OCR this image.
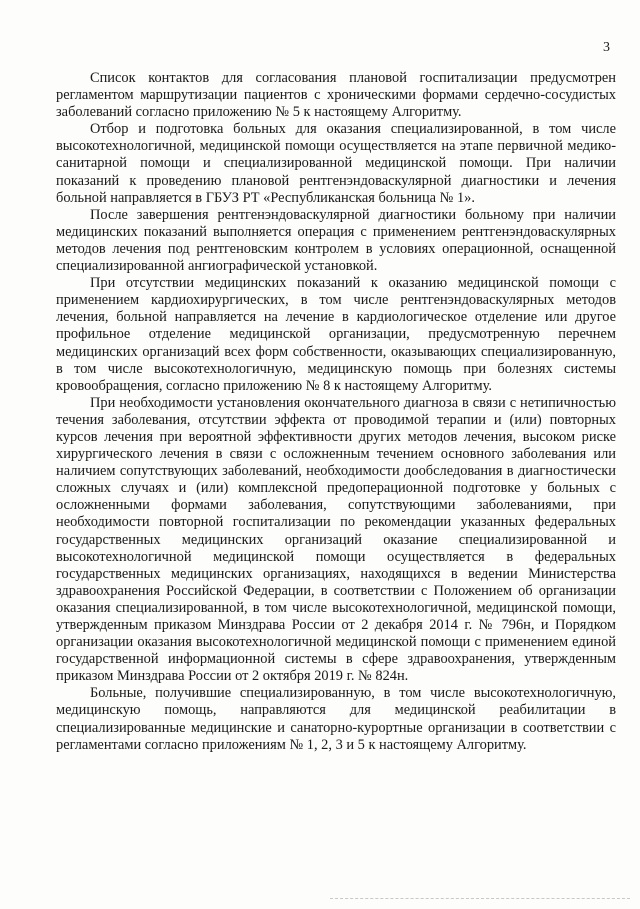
3

Список контактов для согласования плановой госпитализации предусмотрен регламентом маршрутизации пациентов с хроническими формами сердечно-сосудистых заболеваний согласно приложению № 5 к настоящему Алгоритму.

Отбор и подготовка больных для оказания специализированной, в том числе высокотехнологичной, медицинской помощи осуществляется на этапе первичной медико-санитарной помощи и специализированной медицинской помощи. При наличии показаний к проведению плановой рентгенэндоваскулярной диагностики и лечения больной направляется в ГБУЗ РТ «Республиканская больница № 1».

После завершения рентгенэндоваскулярной диагностики больному при наличии медицинских показаний выполняется операция с применением рентгенэндоваскулярных методов лечения под рентгеновским контролем в условиях операционной, оснащенной специализированной ангиографической установкой.

При отсутствии медицинских показаний к оказанию медицинской помощи с применением кардиохирургических, в том числе рентгенэндоваскулярных методов лечения, больной направляется на лечение в кардиологическое отделение или другое профильное отделение медицинской организации, предусмотренную перечнем медицинских организаций всех форм собственности, оказывающих специализированную, в том числе высокотехнологичную, медицинскую помощь при болезнях системы кровообращения, согласно приложению № 8 к настоящему Алгоритму.

При необходимости установления окончательного диагноза в связи с нетипичностью течения заболевания, отсутствии эффекта от проводимой терапии и (или) повторных курсов лечения при вероятной эффективности других методов лечения, высоком риске хирургического лечения в связи с осложненным течением основного заболевания или наличием сопутствующих заболеваний, необходимости дообследования в диагностически сложных случаях и (или) комплексной предоперационной подготовке у больных с осложненными формами заболевания, сопутствующими заболеваниями, при необходимости повторной госпитализации по рекомендации указанных федеральных государственных медицинских организаций оказание специализированной и высокотехнологичной медицинской помощи осуществляется в федеральных государственных медицинских организациях, находящихся в ведении Министерства здравоохранения Российской Федерации, в соответствии с Положением об организации оказания специализированной, в том числе высокотехнологичной, медицинской помощи, утвержденным приказом Минздрава России от 2 декабря 2014 г. № 796н, и Порядком организации оказания высокотехнологичной медицинской помощи с применением единой государственной информационной системы в сфере здравоохранения, утвержденным приказом Минздрава России от 2 октября 2019 г. № 824н.

Больные, получившие специализированную, в том числе высокотехнологичную, медицинскую помощь, направляются для медицинской реабилитации в специализированные медицинские и санаторно-курортные организации в соответствии с регламентами согласно приложениям № 1, 2, 3 и 5 к настоящему Алгоритму.
